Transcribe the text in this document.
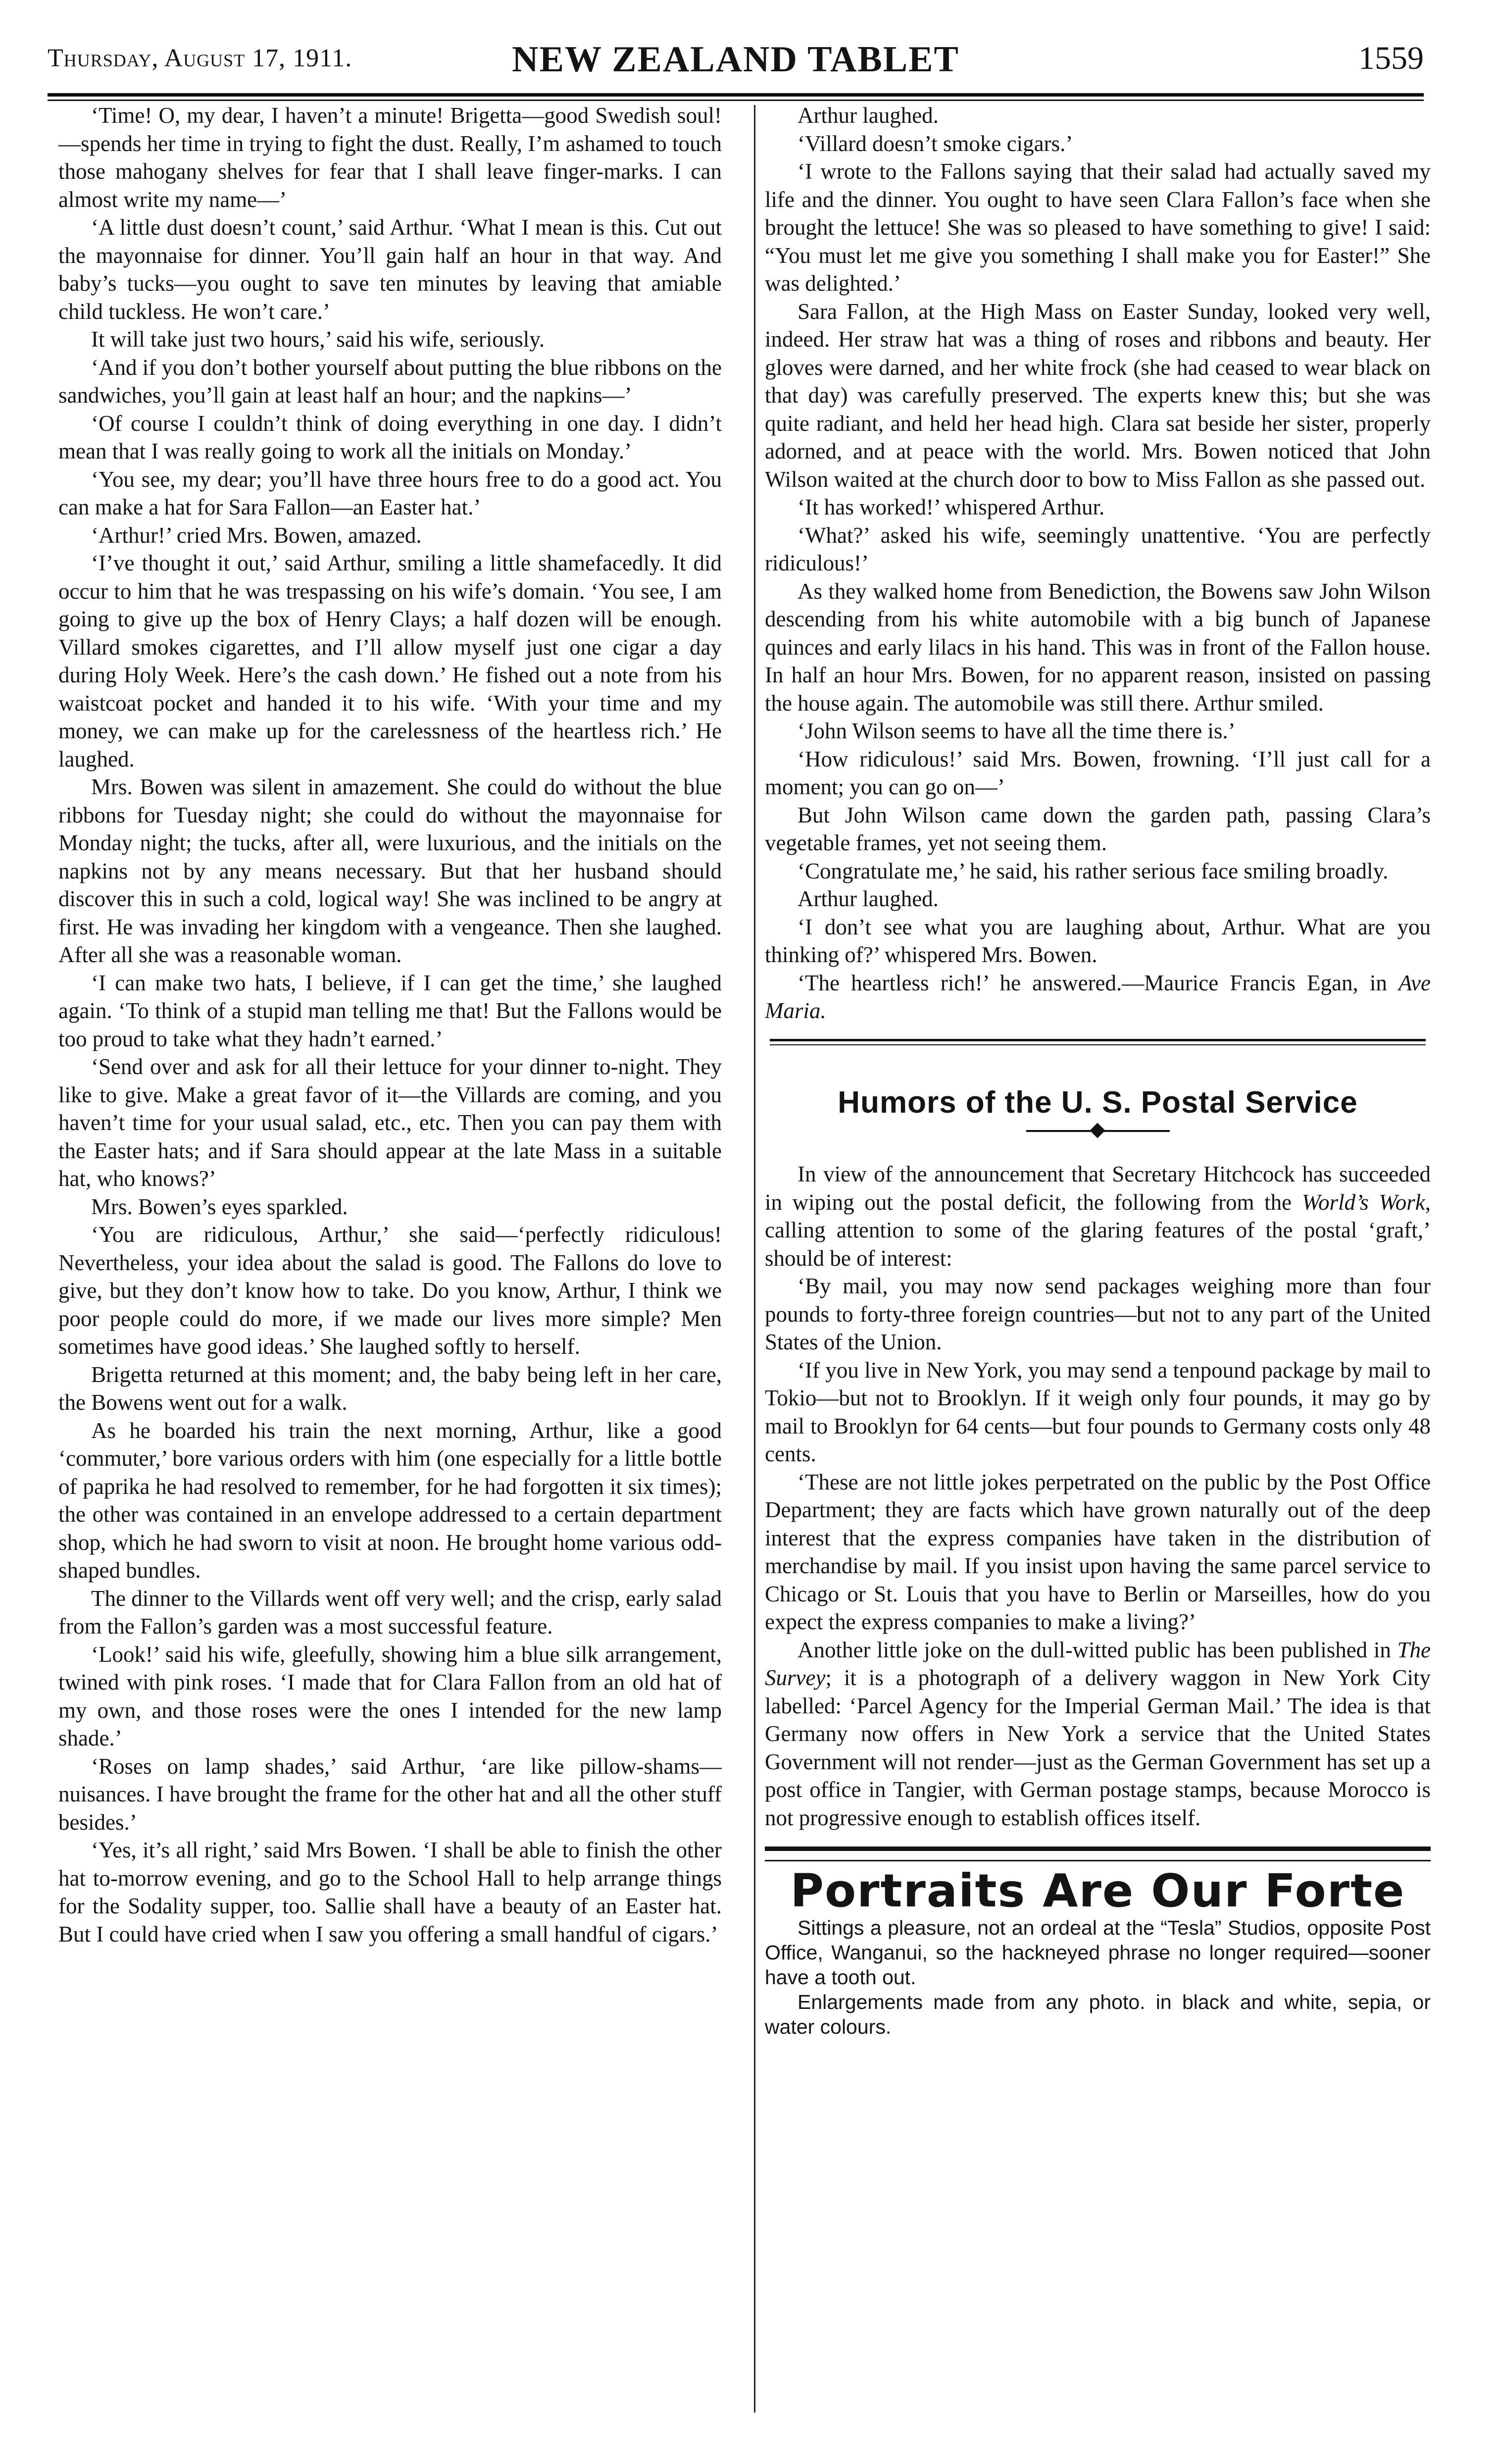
Thursday, August 17, 1911.	NEW ZEALAND TABLET	1559

‘Time! O, my dear, I haven’t a minute! Brigetta—good Swedish soul!—spends her time in trying to fight the dust. Really, I’m ashamed to touch those mahogany shelves for fear that I shall leave finger-marks. I can almost write my name—’

‘A little dust doesn’t count,’ said Arthur. ‘What I mean is this. Cut out the mayonnaise for dinner. You’ll gain half an hour in that way. And baby’s tucks—you ought to save ten minutes by leaving that amiable child tuckless. He won’t care.’

It will take just two hours,’ said his wife, seriously.

‘And if you don’t bother yourself about putting the blue ribbons on the sandwiches, you’ll gain at least half an hour; and the napkins—’

‘Of course I couldn’t think of doing everything in one day. I didn’t mean that I was really going to work all the initials on Monday.’

‘You see, my dear; you’ll have three hours free to do a good act. You can make a hat for Sara Fallon—an Easter hat.’

‘Arthur!’ cried Mrs. Bowen, amazed.

‘I’ve thought it out,’ said Arthur, smiling a little shamefacedly. It did occur to him that he was trespassing on his wife’s domain. ‘You see, I am going to give up the box of Henry Clays; a half dozen will be enough. Villard smokes cigarettes, and I’ll allow myself just one cigar a day during Holy Week. Here’s the cash down.’ He fished out a note from his waistcoat pocket and handed it to his wife. ‘With your time and my money, we can make up for the carelessness of the heartless rich.’ He laughed.

Mrs. Bowen was silent in amazement. She could do without the blue ribbons for Tuesday night; she could do without the mayonnaise for Monday night; the tucks, after all, were luxurious, and the initials on the napkins not by any means necessary. But that her husband should discover this in such a cold, logical way! She was inclined to be angry at first. He was invading her kingdom with a vengeance. Then she laughed. After all she was a reasonable woman.

‘I can make two hats, I believe, if I can get the time,’ she laughed again. ‘To think of a stupid man telling me that! But the Fallons would be too proud to take what they hadn’t earned.’

‘Send over and ask for all their lettuce for your dinner to-night. They like to give. Make a great favor of it—the Villards are coming, and you haven’t time for your usual salad, etc., etc. Then you can pay them with the Easter hats; and if Sara should appear at the late Mass in a suitable hat, who knows?’

Mrs. Bowen’s eyes sparkled.

‘You are ridiculous, Arthur,’ she said—‘perfectly ridiculous! Nevertheless, your idea about the salad is good. The Fallons do love to give, but they don’t know how to take. Do you know, Arthur, I think we poor people could do more, if we made our lives more simple? Men sometimes have good ideas.’ She laughed softly to herself.

Brigetta returned at this moment; and, the baby being left in her care, the Bowens went out for a walk.

As he boarded his train the next morning, Arthur, like a good ‘commuter,’ bore various orders with him (one especially for a little bottle of paprika he had resolved to remember, for he had forgotten it six times); the other was contained in an envelope addressed to a certain department shop, which he had sworn to visit at noon. He brought home various odd-shaped bundles.

The dinner to the Villards went off very well; and the crisp, early salad from the Fallon’s garden was a most successful feature.

‘Look!’ said his wife, gleefully, showing him a blue silk arrangement, twined with pink roses. ‘I made that for Clara Fallon from an old hat of my own, and those roses were the ones I intended for the new lamp shade.’

‘Roses on lamp shades,’ said Arthur, ‘are like pillow-shams—nuisances. I have brought the frame for the other hat and all the other stuff besides.’

‘Yes, it’s all right,’ said Mrs Bowen. ‘I shall be able to finish the other hat to-morrow evening, and go to the School Hall to help arrange things for the Sodality supper, too. Sallie shall have a beauty of an Easter hat. But I could have cried when I saw you offering a small handful of cigars.’

Arthur laughed.

‘Villard doesn’t smoke cigars.’

‘I wrote to the Fallons saying that their salad had actually saved my life and the dinner. You ought to have seen Clara Fallon’s face when she brought the lettuce! She was so pleased to have something to give! I said: “You must let me give you something I shall make you for Easter!” She was delighted.’

Sara Fallon, at the High Mass on Easter Sunday, looked very well, indeed. Her straw hat was a thing of roses and ribbons and beauty. Her gloves were darned, and her white frock (she had ceased to wear black on that day) was carefully preserved. The experts knew this; but she was quite radiant, and held her head high. Clara sat beside her sister, properly adorned, and at peace with the world. Mrs. Bowen noticed that John Wilson waited at the church door to bow to Miss Fallon as she passed out.

‘It has worked!’ whispered Arthur.

‘What?’ asked his wife, seemingly unattentive. ‘You are perfectly ridiculous!’

As they walked home from Benediction, the Bowens saw John Wilson descending from his white automobile with a big bunch of Japanese quinces and early lilacs in his hand. This was in front of the Fallon house. In half an hour Mrs. Bowen, for no apparent reason, insisted on passing the house again. The automobile was still there. Arthur smiled.

‘John Wilson seems to have all the time there is.’

‘How ridiculous!’ said Mrs. Bowen, frowning. ‘I’ll just call for a moment; you can go on—’

But John Wilson came down the garden path, passing Clara’s vegetable frames, yet not seeing them.

‘Congratulate me,’ he said, his rather serious face smiling broadly.

Arthur laughed.

‘I don’t see what you are laughing about, Arthur. What are you thinking of?’ whispered Mrs. Bowen.

‘The heartless rich!’ he answered.—Maurice Francis Egan, in Ave Maria.

Humors of the U. S. Postal Service

In view of the announcement that Secretary Hitchcock has succeeded in wiping out the postal deficit, the following from the World’s Work, calling attention to some of the glaring features of the postal ‘graft,’ should be of interest:

‘By mail, you may now send packages weighing more than four pounds to forty-three foreign countries—but not to any part of the United States of the Union.

‘If you live in New York, you may send a tenpound package by mail to Tokio—but not to Brooklyn. If it weigh only four pounds, it may go by mail to Brooklyn for 64 cents—but four pounds to Germany costs only 48 cents.

‘These are not little jokes perpetrated on the public by the Post Office Department; they are facts which have grown naturally out of the deep interest that the express companies have taken in the distribution of merchandise by mail. If you insist upon having the same parcel service to Chicago or St. Louis that you have to Berlin or Marseilles, how do you expect the express companies to make a living?’

Another little joke on the dull-witted public has been published in The Survey; it is a photograph of a delivery waggon in New York City labelled: ‘Parcel Agency for the Imperial German Mail.’ The idea is that Germany now offers in New York a service that the United States Government will not render—just as the German Government has set up a post office in Tangier, with German postage stamps, because Morocco is not progressive enough to establish offices itself.

Portraits Are Our Forte

Sittings a pleasure, not an ordeal at the “Tesla” Studios, opposite Post Office, Wanganui, so the hackneyed phrase no longer required—sooner have a tooth out.

Enlargements made from any photo. in black and white, sepia, or water colours.
